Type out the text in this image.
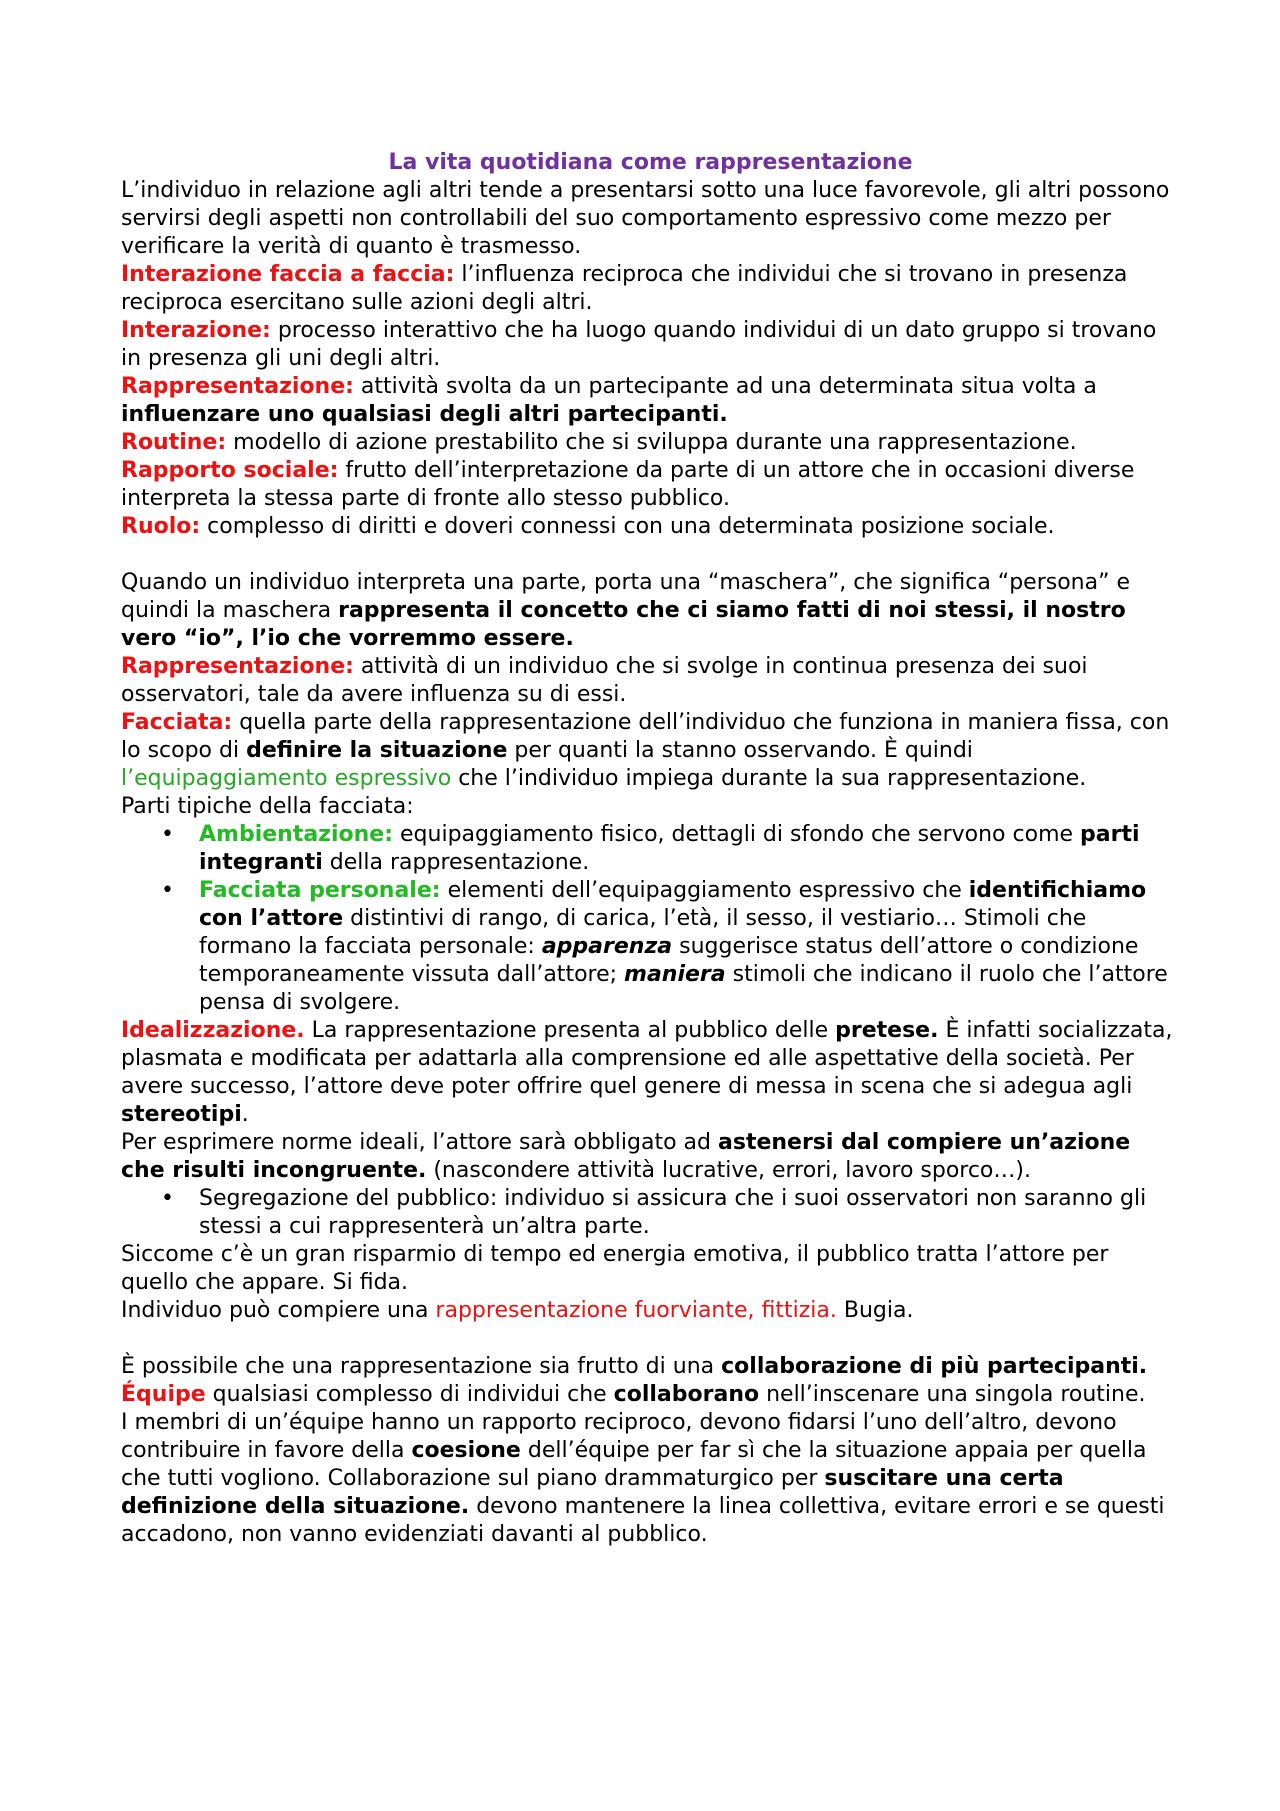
La vita quotidiana come rappresentazione

L’individuo in relazione agli altri tende a presentarsi sotto una luce favorevole, gli altri possono servirsi degli aspetti non controllabili del suo comportamento espressivo come mezzo per verificare la verità di quanto è trasmesso.

Interazione faccia a faccia: l’influenza reciproca che individui che si trovano in presenza reciproca esercitano sulle azioni degli altri.

Interazione: processo interattivo che ha luogo quando individui di un dato gruppo si trovano in presenza gli uni degli altri.

Rappresentazione: attività svolta da un partecipante ad una determinata situa volta a influenzare uno qualsiasi degli altri partecipanti.

Routine: modello di azione prestabilito che si sviluppa durante una rappresentazione.

Rapporto sociale: frutto dell’interpretazione da parte di un attore che in occasioni diverse interpreta la stessa parte di fronte allo stesso pubblico.

Ruolo: complesso di diritti e doveri connessi con una determinata posizione sociale.

Quando un individuo interpreta una parte, porta una “maschera”, che significa “persona” e quindi la maschera rappresenta il concetto che ci siamo fatti di noi stessi, il nostro vero “io”, l’io che vorremmo essere.

Rappresentazione: attività di un individuo che si svolge in continua presenza dei suoi osservatori, tale da avere influenza su di essi.

Facciata: quella parte della rappresentazione dell’individuo che funziona in maniera fissa, con lo scopo di definire la situazione per quanti la stanno osservando. È quindi l’equipaggiamento espressivo che l’individuo impiega durante la sua rappresentazione.

Parti tipiche della facciata:

• Ambientazione: equipaggiamento fisico, dettagli di sfondo che servono come parti integranti della rappresentazione.
• Facciata personale: elementi dell’equipaggiamento espressivo che identifichiamo con l’attore distintivi di rango, di carica, l’età, il sesso, il vestiario… Stimoli che formano la facciata personale: apparenza suggerisce status dell’attore o condizione temporaneamente vissuta dall’attore; maniera stimoli che indicano il ruolo che l’attore pensa di svolgere.

Idealizzazione. La rappresentazione presenta al pubblico delle pretese. È infatti socializzata, plasmata e modificata per adattarla alla comprensione ed alle aspettative della società. Per avere successo, l’attore deve poter offrire quel genere di messa in scena che si adegua agli stereotipi.

Per esprimere norme ideali, l’attore sarà obbligato ad astenersi dal compiere un’azione che risulti incongruente. (nascondere attività lucrative, errori, lavoro sporco…).

• Segregazione del pubblico: individuo si assicura che i suoi osservatori non saranno gli stessi a cui rappresenterà un’altra parte.

Siccome c’è un gran risparmio di tempo ed energia emotiva, il pubblico tratta l’attore per quello che appare. Si fida.

Individuo può compiere una rappresentazione fuorviante, fittizia. Bugia.

È possibile che una rappresentazione sia frutto di una collaborazione di più partecipanti.

Équipe qualsiasi complesso di individui che collaborano nell’inscenare una singola routine.

I membri di un’équipe hanno un rapporto reciproco, devono fidarsi l’uno dell’altro, devono contribuire in favore della coesione dell’équipe per far sì che la situazione appaia per quella che tutti vogliono. Collaborazione sul piano drammaturgico per suscitare una certa definizione della situazione. devono mantenere la linea collettiva, evitare errori e se questi accadono, non vanno evidenziati davanti al pubblico.
